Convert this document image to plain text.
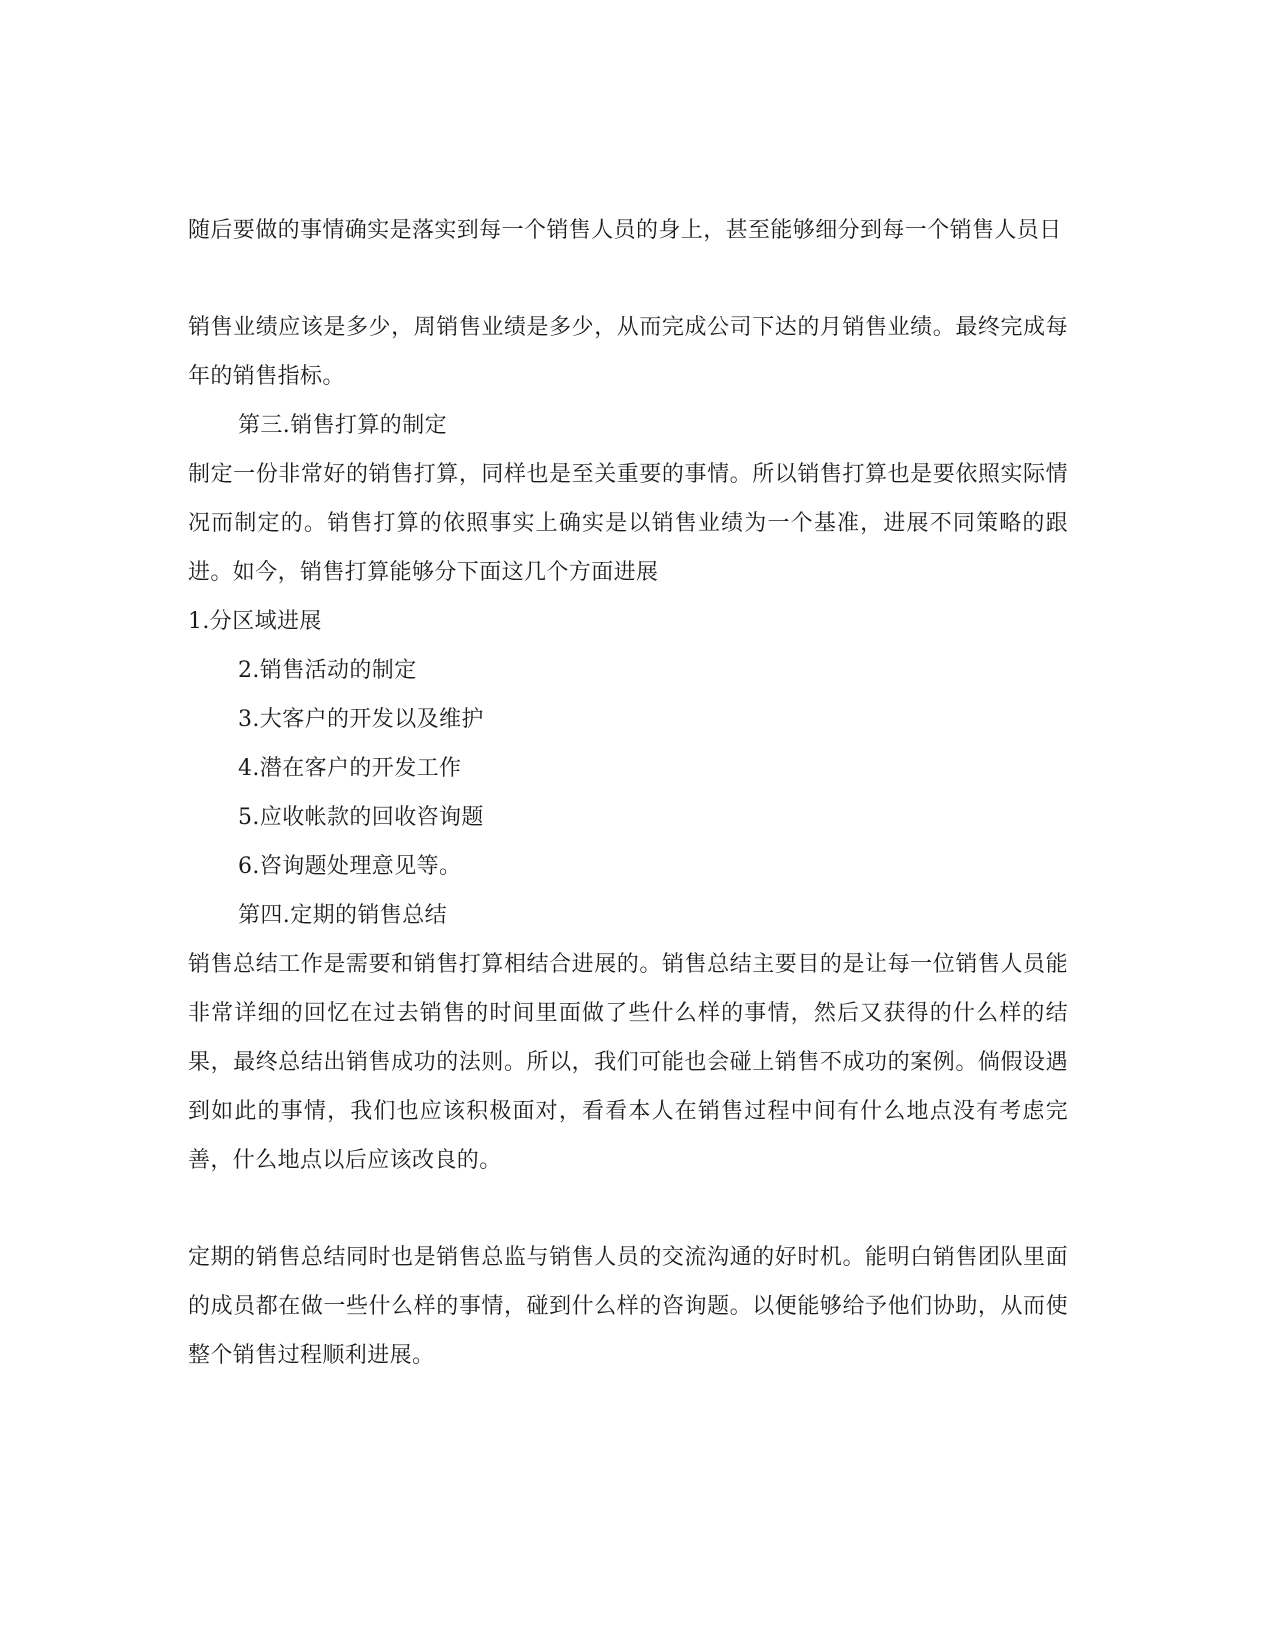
随后要做的事情确实是落实到每一个销售人员的身上，甚至能够细分到每一个销售人员日

销售业绩应该是多少，周销售业绩是多少，从而完成公司下达的月销售业绩。最终完成每年的销售指标。

第三.销售打算的制定

制定一份非常好的销售打算，同样也是至关重要的事情。所以销售打算也是要依照实际情况而制定的。销售打算的依照事实上确实是以销售业绩为一个基准，进展不同策略的跟进。如今，销售打算能够分下面这几个方面进展

1.分区域进展

2.销售活动的制定

3.大客户的开发以及维护

4.潜在客户的开发工作

5.应收帐款的回收咨询题

6.咨询题处理意见等。

第四.定期的销售总结

销售总结工作是需要和销售打算相结合进展的。销售总结主要目的是让每一位销售人员能非常详细的回忆在过去销售的时间里面做了些什么样的事情，然后又获得的什么样的结果，最终总结出销售成功的法则。所以，我们可能也会碰上销售不成功的案例。倘假设遇到如此的事情，我们也应该积极面对，看看本人在销售过程中间有什么地点没有考虑完善，什么地点以后应该改良的。

定期的销售总结同时也是销售总监与销售人员的交流沟通的好时机。能明白销售团队里面的成员都在做一些什么样的事情，碰到什么样的咨询题。以便能够给予他们协助，从而使整个销售过程顺利进展。
